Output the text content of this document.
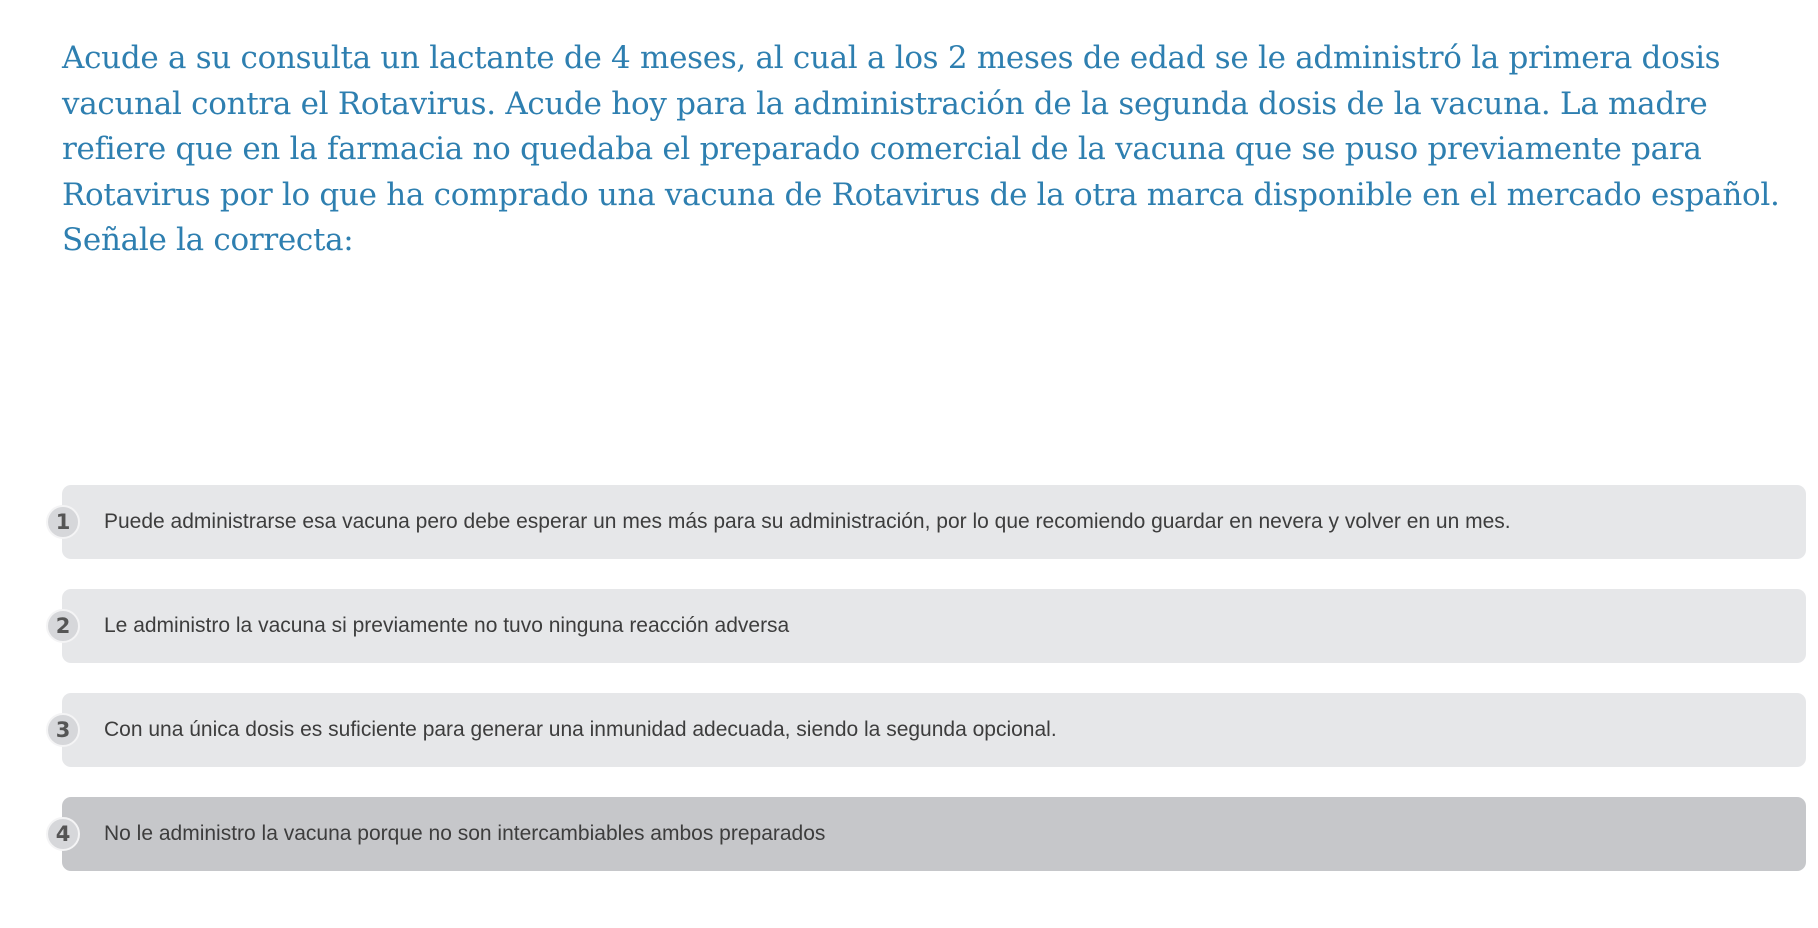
Acude a su consulta un lactante de 4 meses, al cual a los 2 meses de edad se le administró la primera dosis vacunal contra el Rotavirus. Acude hoy para la administración de la segunda dosis de la vacuna. La madre refiere que en la farmacia no quedaba el preparado comercial de la vacuna que se puso previamente para Rotavirus por lo que ha comprado una vacuna de Rotavirus de la otra marca disponible en el mercado español. Señale la correcta:

1	Puede administrarse esa vacuna pero debe esperar un mes más para su administración, por lo que recomiendo guardar en nevera y volver en un mes.
2	Le administro la vacuna si previamente no tuvo ninguna reacción adversa
3	Con una única dosis es suficiente para generar una inmunidad adecuada, siendo la segunda opcional.
4	No le administro la vacuna porque no son intercambiables ambos preparados
